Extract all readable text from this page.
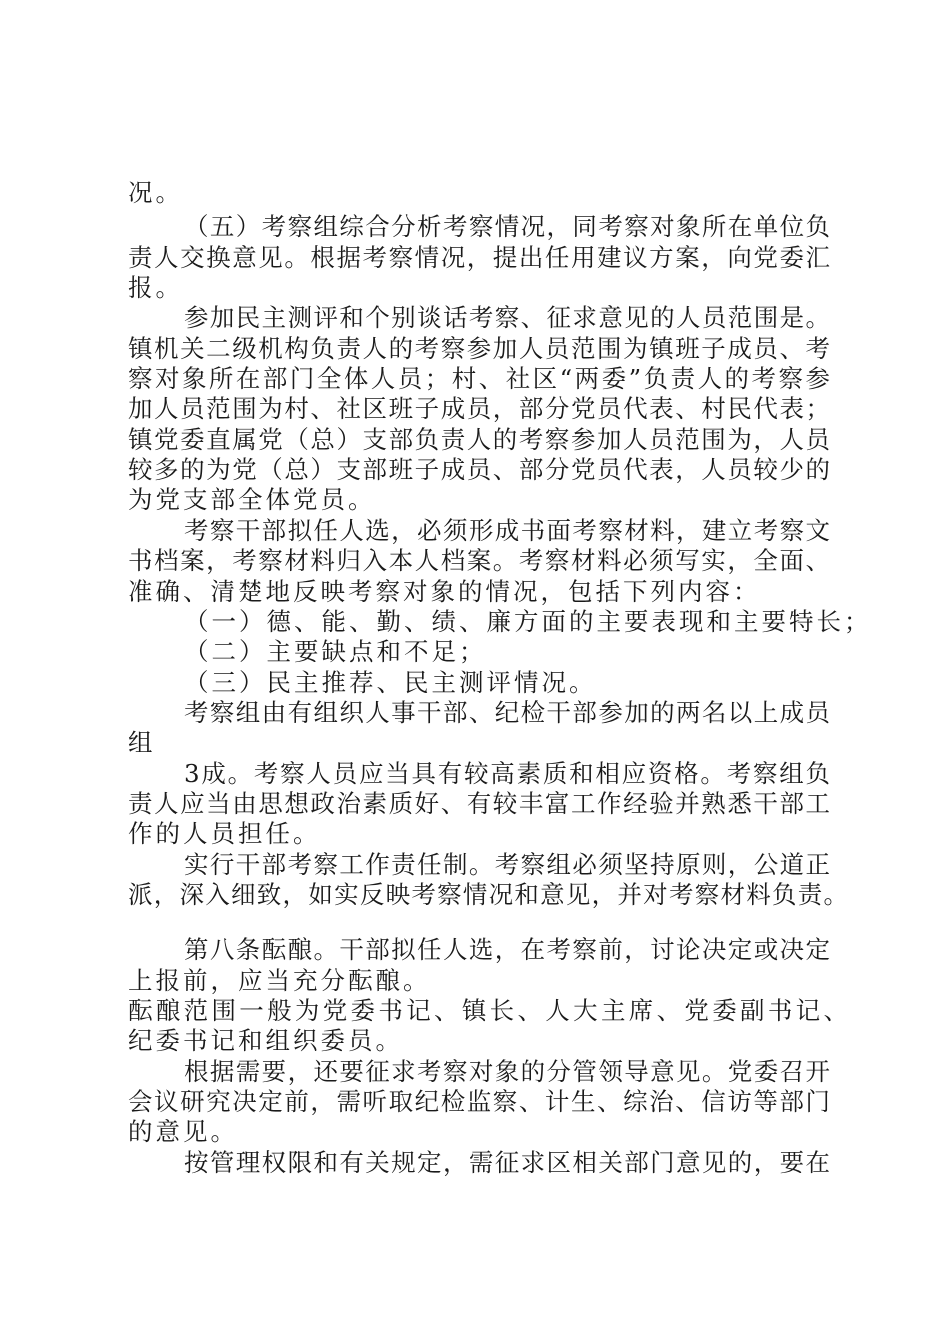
况。

（五）考察组综合分析考察情况，同考察对象所在单位负

责人交换意见。根据考察情况，提出任用建议方案，向党委汇

报。

参加民主测评和个别谈话考察、征求意见的人员范围是。

镇机关二级机构负责人的考察参加人员范围为镇班子成员、考

察对象所在部门全体人员；村、社区“两委”负责人的考察参

加人员范围为村、社区班子成员，部分党员代表、村民代表；

镇党委直属党（总）支部负责人的考察参加人员范围为，人员

较多的为党（总）支部班子成员、部分党员代表，人员较少的

为党支部全体党员。

考察干部拟任人选，必须形成书面考察材料，建立考察文

书档案，考察材料归入本人档案。考察材料必须写实，全面、

准确、清楚地反映考察对象的情况，包括下列内容：

（一）德、能、勤、绩、廉方面的主要表现和主要特长；

（二）主要缺点和不足；

（三）民主推荐、民主测评情况。

考察组由有组织人事干部、纪检干部参加的两名以上成员

组

3成。考察人员应当具有较高素质和相应资格。考察组负

责人应当由思想政治素质好、有较丰富工作经验并熟悉干部工

作的人员担任。

实行干部考察工作责任制。考察组必须坚持原则，公道正

派，深入细致，如实反映考察情况和意见，并对考察材料负责。

第八条酝酿。干部拟任人选，在考察前，讨论决定或决定

上报前，应当充分酝酿。

酝酿范围一般为党委书记、镇长、人大主席、党委副书记、

纪委书记和组织委员。

根据需要，还要征求考察对象的分管领导意见。党委召开

会议研究决定前，需听取纪检监察、计生、综治、信访等部门

的意见。

按管理权限和有关规定，需征求区相关部门意见的，要在
